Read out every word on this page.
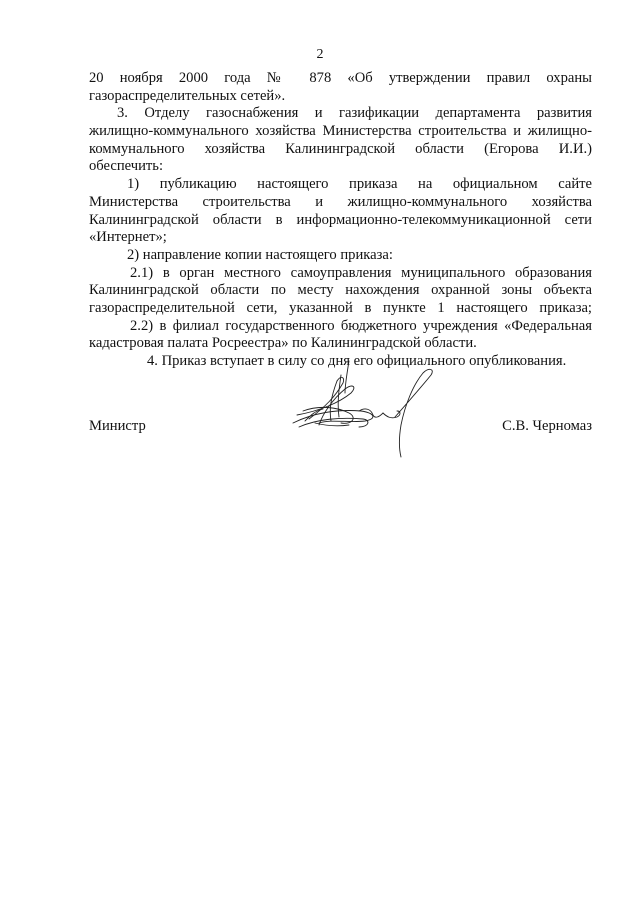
2
20 ноября 2000 года № 878 «Об утверждении правил охраны
газораспределительных сетей».
3. Отделу газоснабжения и газификации департамента развития
жилищно-коммунального хозяйства Министерства строительства и жилищно-
коммунального хозяйства Калининградской области (Егорова И.И.)
обеспечить:
1) публикацию настоящего приказа на официальном сайте
Министерства строительства и жилищно-коммунального хозяйства
Калининградской области в информационно-телекоммуникационной сети
«Интернет»;
2) направление копии настоящего приказа:
2.1) в орган местного самоуправления муниципального образования
Калининградской области по месту нахождения охранной зоны объекта
газораспределительной сети, указанной в пункте 1 настоящего приказа;
2.2) в филиал государственного бюджетного учреждения «Федеральная
кадастровая палата Росреестра» по Калининградской области.
4. Приказ вступает в силу со дня его официального опубликования.
Министр	С.В. Черномаз
